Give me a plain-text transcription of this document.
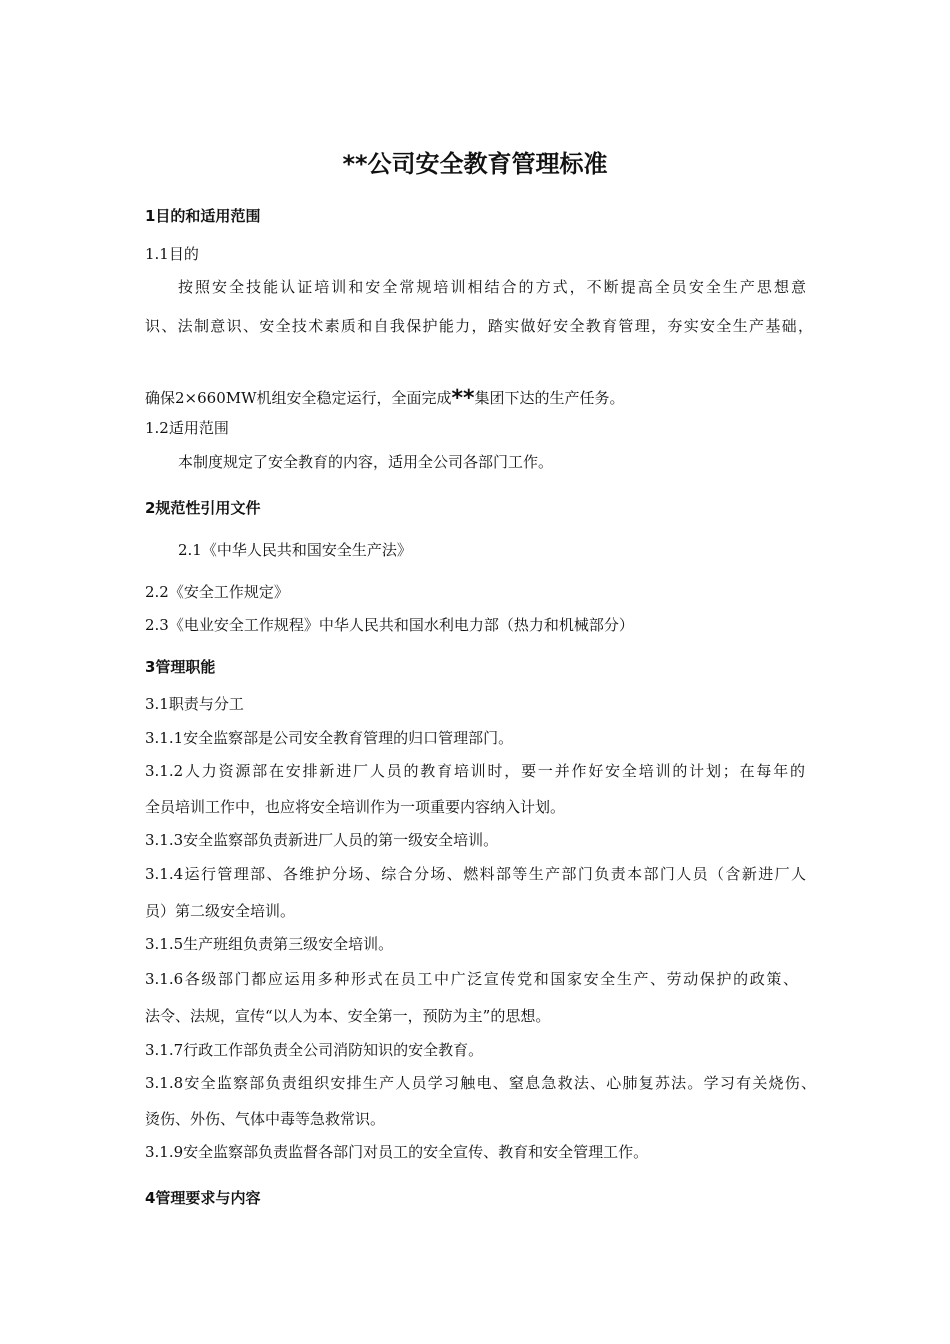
**公司安全教育管理标准
1目的和适用范围
1.1目的
按照安全技能认证培训和安全常规培训相结合的方式，不断提高全员安全生产思想意
识、法制意识、安全技术素质和自我保护能力，踏实做好安全教育管理，夯实安全生产基础，
确保2×660MW机组安全稳定运行，全面完成**集团下达的生产任务。
1.2适用范围
本制度规定了安全教育的内容，适用全公司各部门工作。
2规范性引用文件
2.1《中华人民共和国安全生产法》
2.2《安全工作规定》
2.3《电业安全工作规程》中华人民共和国水利电力部（热力和机械部分）
3管理职能
3.1职责与分工
3.1.1安全监察部是公司安全教育管理的归口管理部门。
3.1.2人力资源部在安排新进厂人员的教育培训时，要一并作好安全培训的计划；在每年的
全员培训工作中，也应将安全培训作为一项重要内容纳入计划。
3.1.3安全监察部负责新进厂人员的第一级安全培训。
3.1.4运行管理部、各维护分场、综合分场、燃料部等生产部门负责本部门人员（含新进厂人
员）第二级安全培训。
3.1.5生产班组负责第三级安全培训。
3.1.6各级部门都应运用多种形式在员工中广泛宣传党和国家安全生产、劳动保护的政策、
法令、法规，宣传“以人为本、安全第一，预防为主”的思想。
3.1.7行政工作部负责全公司消防知识的安全教育。
3.1.8安全监察部负责组织安排生产人员学习触电、窒息急救法、心肺复苏法。学习有关烧伤、
烫伤、外伤、气体中毒等急救常识。
3.1.9安全监察部负责监督各部门对员工的安全宣传、教育和安全管理工作。
4管理要求与内容
